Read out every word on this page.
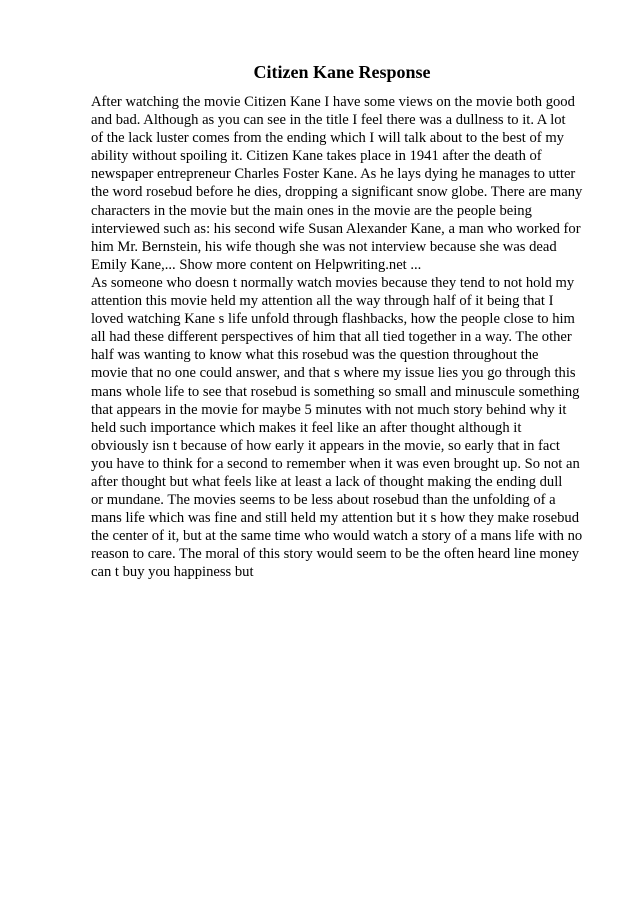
Citizen Kane Response
After watching the movie Citizen Kane I have some views on the movie both good
and bad. Although as you can see in the title I feel there was a dullness to it. A lot
of the lack luster comes from the ending which I will talk about to the best of my
ability without spoiling it. Citizen Kane takes place in 1941 after the death of
newspaper entrepreneur Charles Foster Kane. As he lays dying he manages to utter
the word rosebud before he dies, dropping a significant snow globe. There are many
characters in the movie but the main ones in the movie are the people being
interviewed such as: his second wife Susan Alexander Kane, a man who worked for
him Mr. Bernstein, his wife though she was not interview because she was dead
Emily Kane,... Show more content on Helpwriting.net ...
As someone who doesn t normally watch movies because they tend to not hold my
attention this movie held my attention all the way through half of it being that I
loved watching Kane s life unfold through flashbacks, how the people close to him
all had these different perspectives of him that all tied together in a way. The other
half was wanting to know what this rosebud was the question throughout the
movie that no one could answer, and that s where my issue lies you go through this
mans whole life to see that rosebud is something so small and minuscule something
that appears in the movie for maybe 5 minutes with not much story behind why it
held such importance which makes it feel like an after thought although it
obviously isn t because of how early it appears in the movie, so early that in fact
you have to think for a second to remember when it was even brought up. So not an
after thought but what feels like at least a lack of thought making the ending dull
or mundane. The movies seems to be less about rosebud than the unfolding of a
mans life which was fine and still held my attention but it s how they make rosebud
the center of it, but at the same time who would watch a story of a mans life with no
reason to care. The moral of this story would seem to be the often heard line money
can t buy you happiness but
